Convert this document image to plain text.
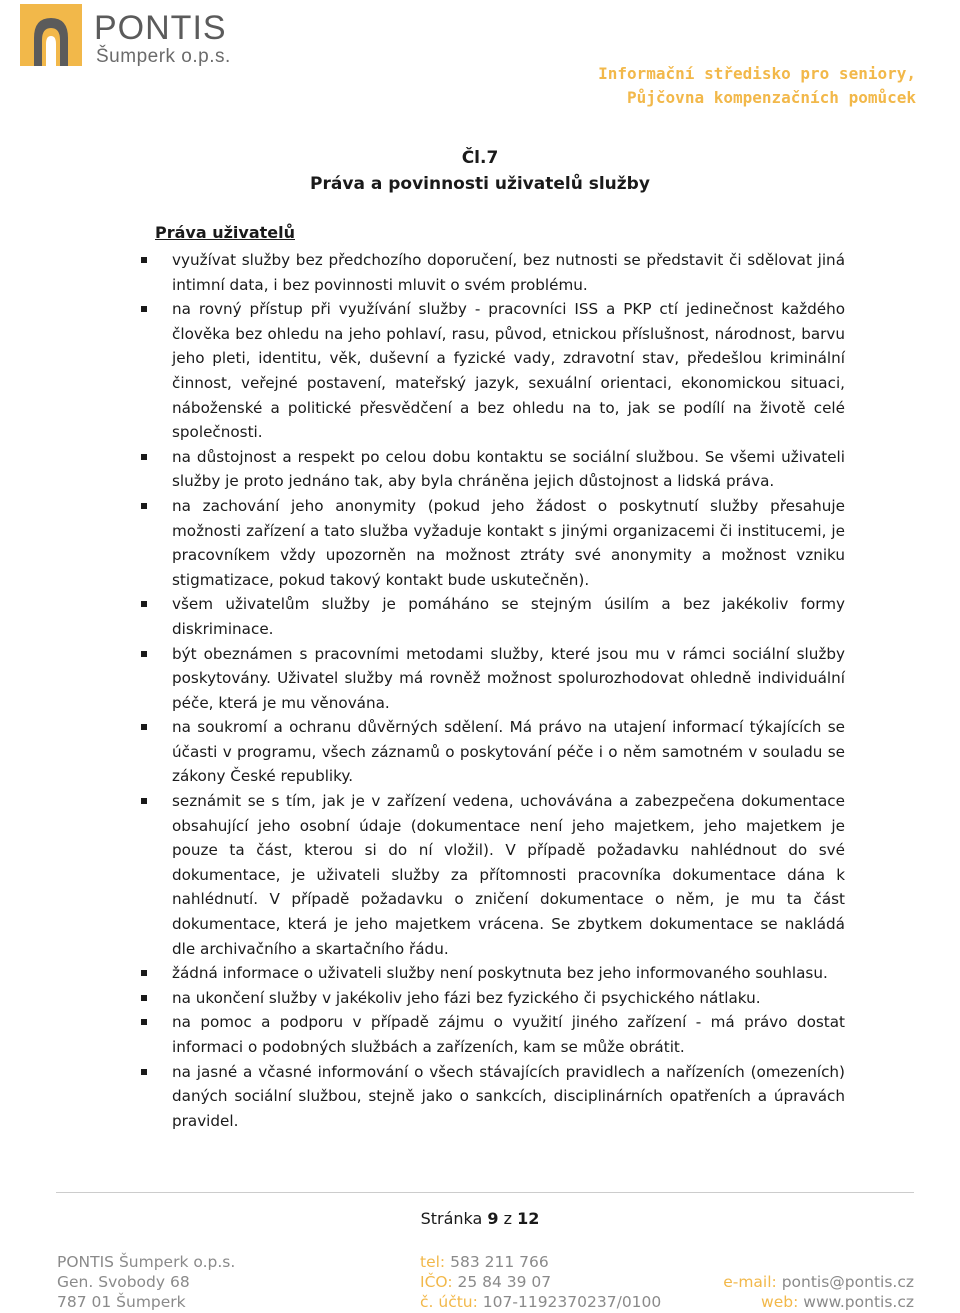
PONTIS
Šumperk o.p.s.
Informační středisko pro seniory,
Půjčovna kompenzačních pomůcek
Čl.7
Práva a povinnosti uživatelů služby
Práva uživatelů
využívat služby bez předchozího doporučení, bez nutnosti se představit či sdělovat jiná intimní data, i bez povinnosti mluvit o svém problému.
na rovný přístup při využívání služby - pracovníci ISS a PKP ctí jedinečnost každého člověka bez ohledu na jeho pohlaví, rasu, původ, etnickou příslušnost, národnost, barvu jeho pleti, identitu, věk, duševní a fyzické vady, zdravotní stav, předešlou kriminální činnost, veřejné postavení, mateřský jazyk, sexuální orientaci, ekonomickou situaci, náboženské a politické přesvědčení a bez ohledu na to, jak se podílí na životě celé společnosti.
na důstojnost a respekt po celou dobu kontaktu se sociální službou. Se všemi uživateli služby je proto jednáno tak, aby byla chráněna jejich důstojnost a lidská práva.
na zachování jeho anonymity (pokud jeho žádost o poskytnutí služby přesahuje možnosti zařízení a tato služba vyžaduje kontakt s jinými organizacemi či institucemi, je pracovníkem vždy upozorněn na možnost ztráty své anonymity a možnost vzniku stigmatizace, pokud takový kontakt bude uskutečněn).
všem uživatelům služby je pomáháno se stejným úsilím a bez jakékoliv formy diskriminace.
být obeznámen s pracovními metodami služby, které jsou mu v rámci sociální služby poskytovány. Uživatel služby má rovněž možnost spolurozhodovat ohledně individuální péče, která je mu věnována.
na soukromí a ochranu důvěrných sdělení. Má právo na utajení informací týkajících se účasti v programu, všech záznamů o poskytování péče i o něm samotném v souladu se zákony České republiky.
seznámit se s tím, jak je v zařízení vedena, uchovávána a zabezpečena dokumentace obsahující jeho osobní údaje (dokumentace není jeho majetkem, jeho majetkem je pouze ta část, kterou si do ní vložil). V případě požadavku nahlédnout do své dokumentace, je uživateli služby za přítomnosti pracovníka dokumentace dána k nahlédnutí. V případě požadavku o zničení dokumentace o něm, je mu ta část dokumentace, která je jeho majetkem vrácena. Se zbytkem dokumentace se nakládá dle archivačního a skartačního řádu.
žádná informace o uživateli služby není poskytnuta bez jeho informovaného souhlasu.
na ukončení služby v jakékoliv jeho fázi bez fyzického či psychického nátlaku.
na pomoc a podporu v případě zájmu o využití jiného zařízení - má právo dostat informaci o podobných službách a zařízeních, kam se může obrátit.
na jasné a včasné informování o všech stávajících pravidlech a nařízeních (omezeních) daných sociální službou, stejně jako o sankcích, disciplinárních opatřeních a úpravách pravidel.
Stránka 9 z 12
PONTIS Šumperk o.p.s.
Gen. Svobody 68
787 01 Šumperk
tel: 583 211 766
IČO: 25 84 39 07
č. účtu: 107-1192370237/0100

e-mail: pontis@pontis.cz
web: www.pontis.cz
